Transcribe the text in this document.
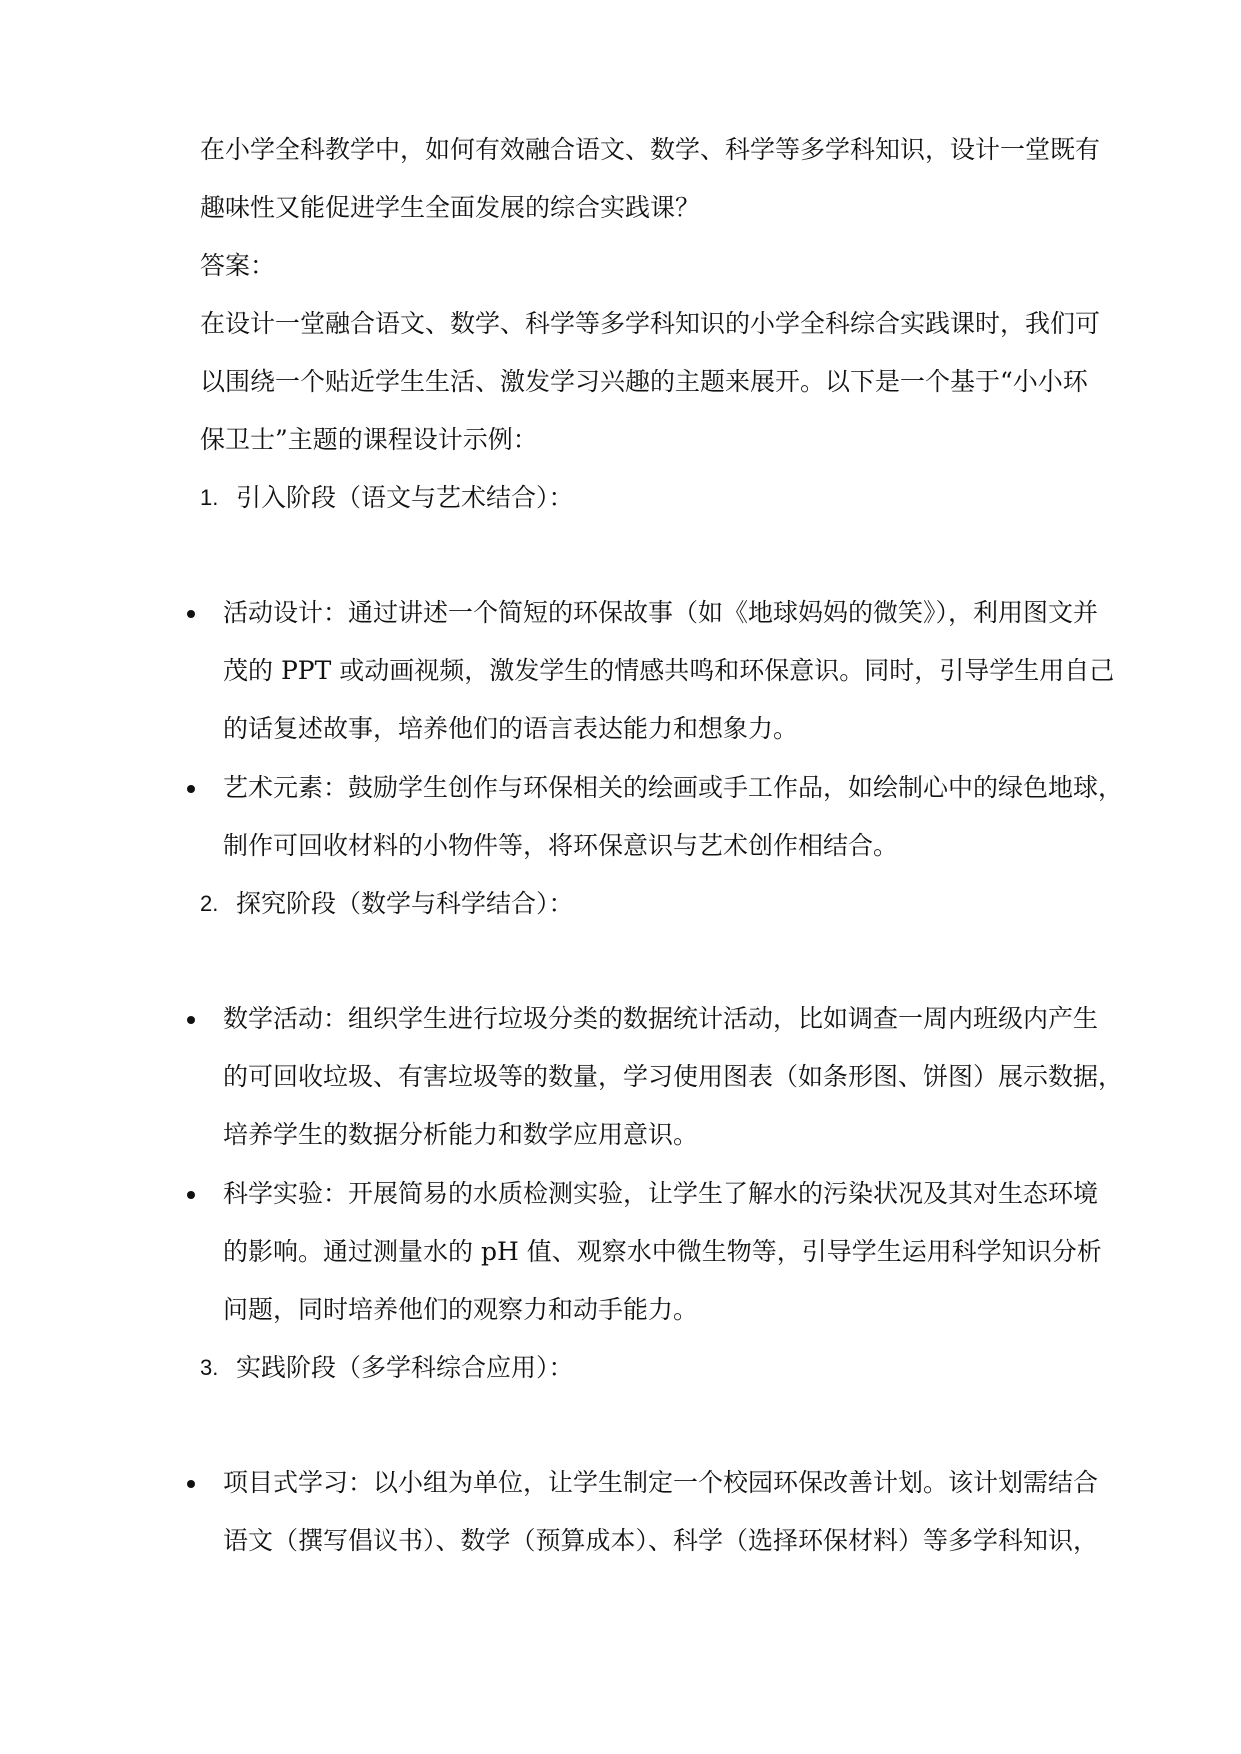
在小学全科教学中，如何有效融合语文、数学、科学等多学科知识，设计一堂既有
趣味性又能促进学生全面发展的综合实践课？
答案：
在设计一堂融合语文、数学、科学等多学科知识的小学全科综合实践课时，我们可
以围绕一个贴近学生生活、激发学习兴趣的主题来展开。以下是一个基于“小小环
保卫士”主题的课程设计示例：
1. 引入阶段（语文与艺术结合）：
活动设计：通过讲述一个简短的环保故事（如《地球妈妈的微笑》），利用图文并
茂的 PPT 或动画视频，激发学生的情感共鸣和环保意识。同时，引导学生用自己
的话复述故事，培养他们的语言表达能力和想象力。
艺术元素：鼓励学生创作与环保相关的绘画或手工作品，如绘制心中的绿色地球，
制作可回收材料的小物件等，将环保意识与艺术创作相结合。
2. 探究阶段（数学与科学结合）：
数学活动：组织学生进行垃圾分类的数据统计活动，比如调查一周内班级内产生
的可回收垃圾、有害垃圾等的数量，学习使用图表（如条形图、饼图）展示数据，
培养学生的数据分析能力和数学应用意识。
科学实验：开展简易的水质检测实验，让学生了解水的污染状况及其对生态环境
的影响。通过测量水的 pH 值、观察水中微生物等，引导学生运用科学知识分析
问题，同时培养他们的观察力和动手能力。
3. 实践阶段（多学科综合应用）：
项目式学习：以小组为单位，让学生制定一个校园环保改善计划。该计划需结合
语文（撰写倡议书）、数学（预算成本）、科学（选择环保材料）等多学科知识，
